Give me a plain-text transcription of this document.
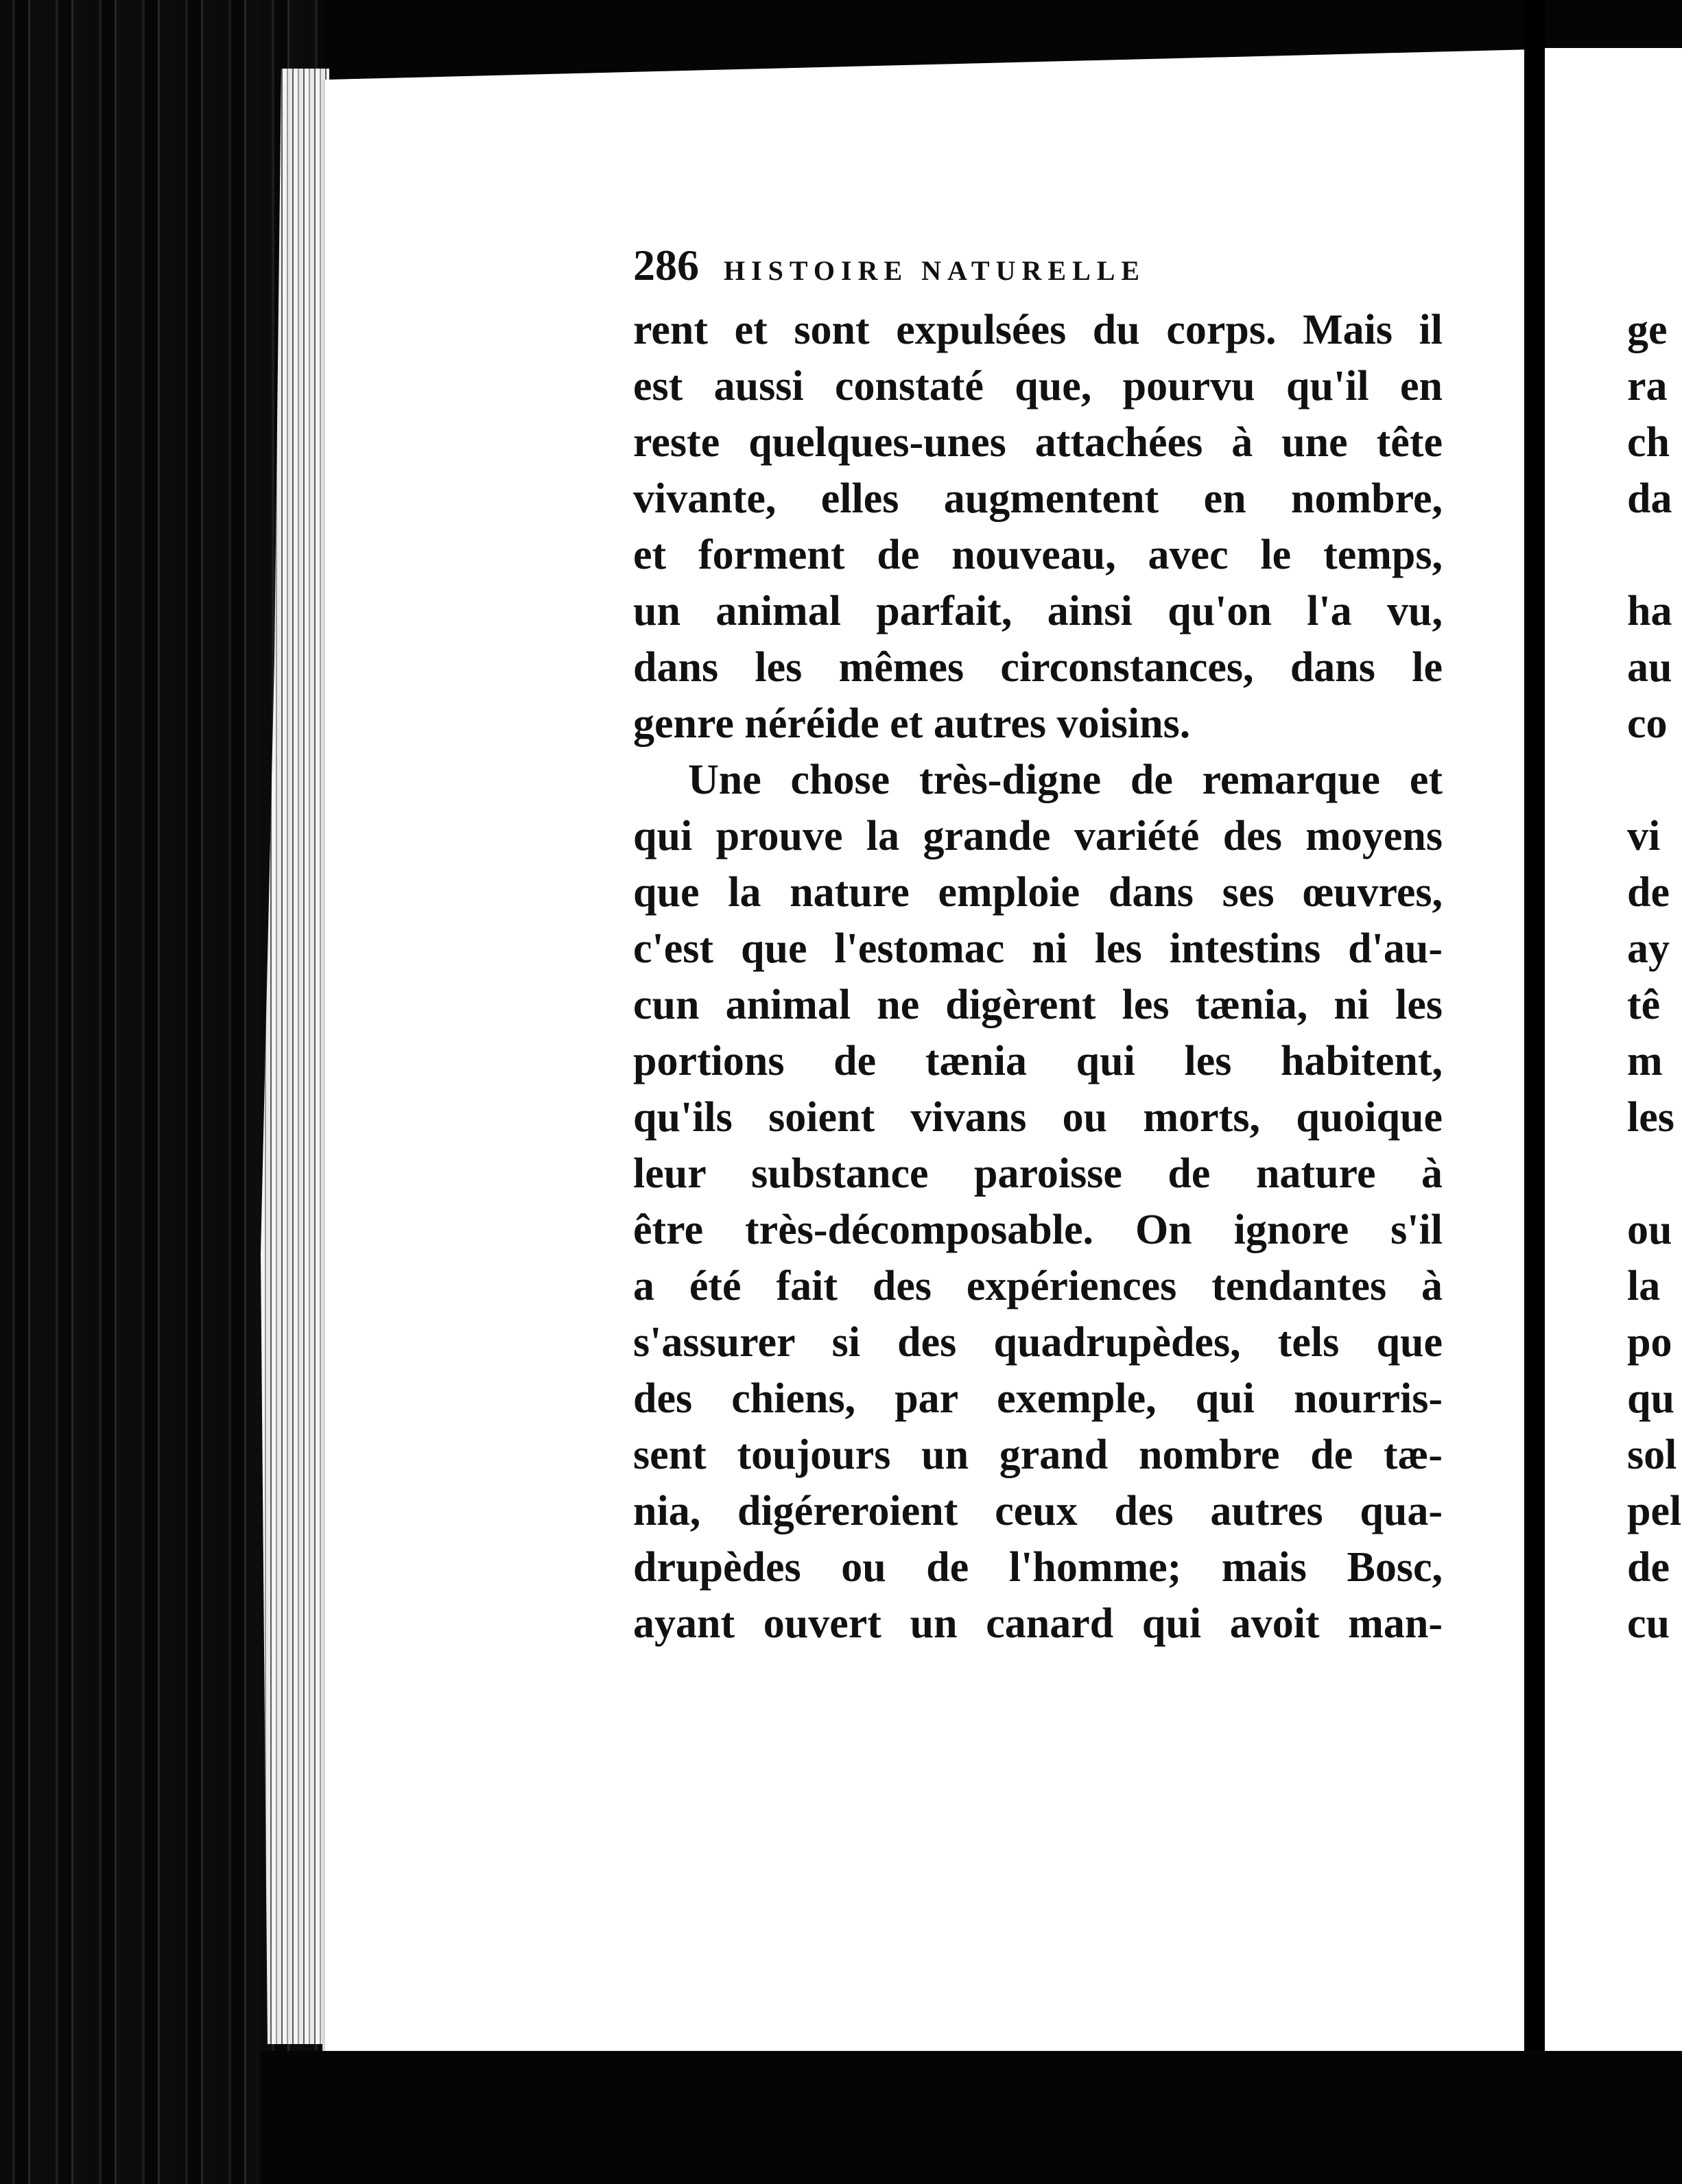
286 HISTOIRE NATURELLE
rent et sont expulsées du corps. Mais il
est aussi constaté que, pourvu qu'il en
reste quelques-unes attachées à une tête
vivante, elles augmentent en nombre,
et forment de nouveau, avec le temps,
un animal parfait, ainsi qu'on l'a vu,
dans les mêmes circonstances, dans le
genre néréide et autres voisins.
Une chose très-digne de remarque et
qui prouve la grande variété des moyens
que la nature emploie dans ses œuvres,
c'est que l'estomac ni les intestins d'au-
cun animal ne digèrent les tænia, ni les
portions de tænia qui les habitent,
qu'ils soient vivans ou morts, quoique
leur substance paroisse de nature à
être très-décomposable. On ignore s'il
a été fait des expériences tendantes à
s'assurer si des quadrupèdes, tels que
des chiens, par exemple, qui nourris-
sent toujours un grand nombre de tæ-
nia, digéreroient ceux des autres qua-
drupèdes ou de l'homme; mais Bosc,
ayant ouvert un canard qui avoit man-
ge
ra
ch
da
ha
au
co
vi
de
ay
tê
m
les
ou
la
po
qu
sol
pel
de
cu
